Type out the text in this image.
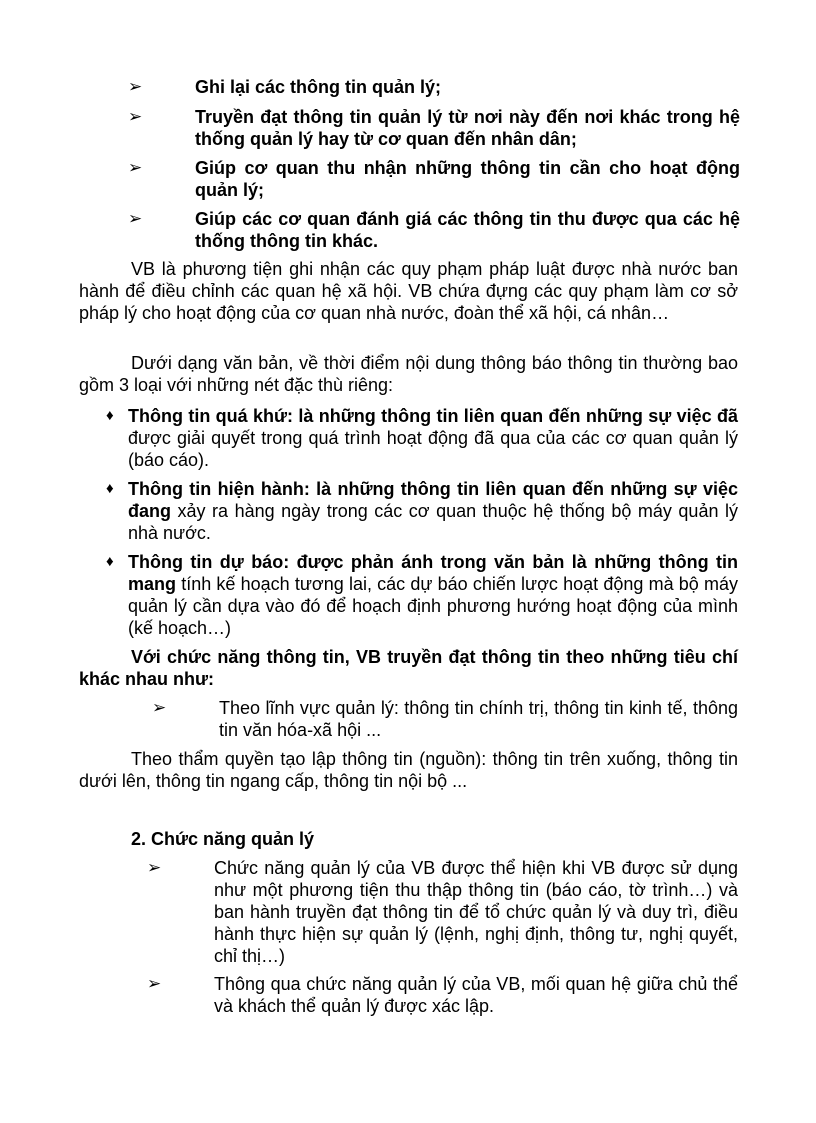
➢	Ghi lại các thông tin quản lý;
➢	Truyền đạt thông tin quản lý từ nơi này đến nơi khác trong hệ thống quản lý hay từ cơ quan đến nhân dân;
➢	Giúp cơ quan thu nhận những thông tin cần cho hoạt động quản lý;
➢	Giúp các cơ quan đánh giá các thông tin thu được qua các hệ thống thông tin khác.
VB là phương tiện ghi nhận các quy phạm pháp luật được nhà nước ban hành để điều chỉnh các quan hệ xã hội. VB chứa đựng các quy phạm làm cơ sở pháp lý cho hoạt động của cơ quan nhà nước, đoàn thể xã hội, cá nhân…
Dưới dạng văn bản, về thời điểm nội dung thông báo thông tin thường bao gồm 3 loại với những nét đặc thù riêng:
♦ Thông tin quá khứ: là những thông tin liên quan đến những sự việc đã được giải quyết trong quá trình hoạt động đã qua của các cơ quan quản lý (báo cáo).
♦ Thông tin hiện hành: là những thông tin liên quan đến những sự việc đang xảy ra hàng ngày trong các cơ quan thuộc hệ thống bộ máy quản lý nhà nước.
♦ Thông tin dự báo: được phản ánh trong văn bản là những thông tin mang tính kế hoạch tương lai, các dự báo chiến lược hoạt động mà bộ máy quản lý cần dựa vào đó để hoạch định phương hướng hoạt động của mình (kế hoạch…)
Với chức năng thông tin, VB truyền đạt thông tin theo những tiêu chí khác nhau như:
➢	Theo lĩnh vực quản lý: thông tin chính trị, thông tin kinh tế, thông tin văn hóa-xã hội ...
Theo thẩm quyền tạo lập thông tin (nguồn): thông tin trên xuống, thông tin dưới lên, thông tin ngang cấp, thông tin nội bộ ...
2. Chức năng quản lý
➢	Chức năng quản lý của VB được thể hiện khi VB được sử dụng như một phương tiện thu thập thông tin (báo cáo, tờ trình…) và ban hành truyền đạt thông tin để tổ chức quản lý và duy trì, điều hành thực hiện sự quản lý (lệnh, nghị định, thông tư, nghị quyết, chỉ thị…)
➢	Thông qua chức năng quản lý của VB, mối quan hệ giữa chủ thể và khách thể quản lý được xác lập.
